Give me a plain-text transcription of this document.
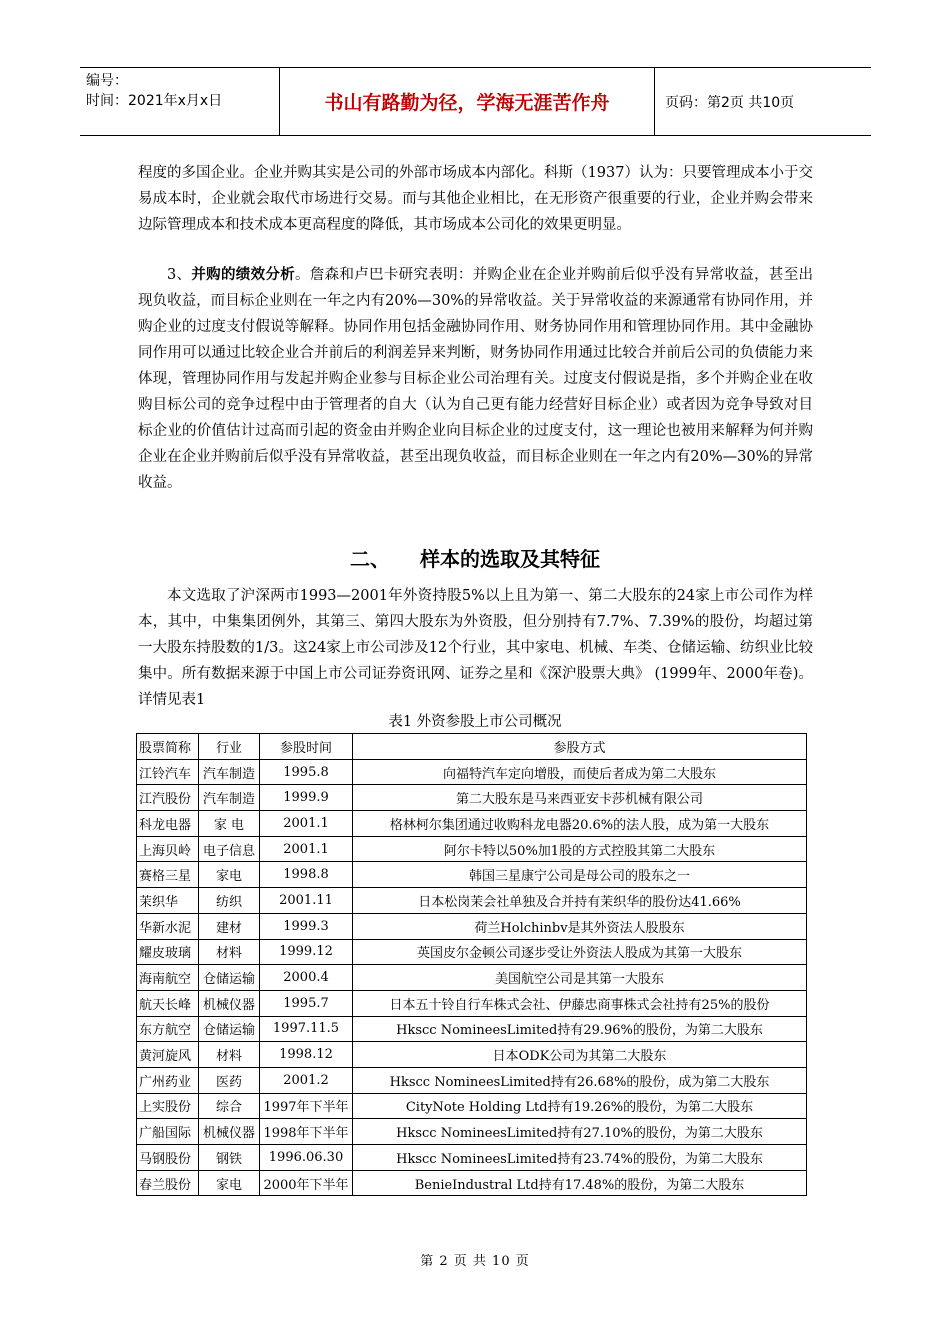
编号：
时间：2021年x月x日	书山有路勤为径，学海无涯苦作舟	页码：第2页 共10页

程度的多国企业。企业并购其实是公司的外部市场成本内部化。科斯（1937）认为：只要管理成本小于交易成本时，企业就会取代市场进行交易。而与其他企业相比，在无形资产很重要的行业，企业并购会带来边际管理成本和技术成本更高程度的降低，其市场成本公司化的效果更明显。

3、并购的绩效分析。詹森和卢巴卡研究表明：并购企业在企业并购前后似乎没有异常收益，甚至出现负收益，而目标企业则在一年之内有20%—30%的异常收益。关于异常收益的来源通常有协同作用，并购企业的过度支付假说等解释。协同作用包括金融协同作用、财务协同作用和管理协同作用。其中金融协同作用可以通过比较企业合并前后的利润差异来判断，财务协同作用通过比较合并前后公司的负债能力来体现，管理协同作用与发起并购企业参与目标企业公司治理有关。过度支付假说是指，多个并购企业在收购目标公司的竞争过程中由于管理者的自大（认为自己更有能力经营好目标企业）或者因为竞争导致对目标企业的价值估计过高而引起的资金由并购企业向目标企业的过度支付，这一理论也被用来解释为何并购企业在企业并购前后似乎没有异常收益，甚至出现负收益，而目标企业则在一年之内有20%—30%的异常收益。

二、 样本的选取及其特征

本文选取了沪深两市1993—2001年外资持股5%以上且为第一、第二大股东的24家上市公司作为样本，其中，中集集团例外，其第三、第四大股东为外资股，但分别持有7.7%、7.39%的股份，均超过第一大股东持股数的1/3。这24家上市公司涉及12个行业，其中家电、机械、车类、仓储运输、纺织业比较集中。所有数据来源于中国上市公司证券资讯网、证券之星和《深沪股票大典》 (1999年、2000年卷)。详情见表1

表1 外资参股上市公司概况
股票简称	行业	参股时间	参股方式
江铃汽车	汽车制造	1995.8	向福特汽车定向增股，而使后者成为第二大股东
江汽股份	汽车制造	1999.9	第二大股东是马来西亚安卡莎机械有限公司
科龙电器	家 电	2001.1	格林柯尔集团通过收购科龙电器20.6%的法人股，成为第一大股东
上海贝岭	电子信息	2001.1	阿尔卡特以50%加1股的方式控股其第二大股东
赛格三星	家电	1998.8	韩国三星康宁公司是母公司的股东之一
茉织华	纺织	2001.11	日本松岗茉会社单独及合并持有茉织华的股份达41.66%
华新水泥	建材	1999.3	荷兰Holchinbv是其外资法人股股东
耀皮玻璃	材料	1999.12	英国皮尔金顿公司逐步受让外资法人股成为其第一大股东
海南航空	仓储运输	2000.4	美国航空公司是其第一大股东
航天长峰	机械仪器	1995.7	日本五十铃自行车株式会社、伊藤忠商事株式会社持有25%的股份
东方航空	仓储运输	1997.11.5	Hkscc NomineesLimited持有29.96%的股份，为第二大股东
黄河旋风	材料	1998.12	日本ODK公司为其第二大股东
广州药业	医药	2001.2	Hkscc NomineesLimited持有26.68%的股份，成为第二大股东
上实股份	综合	1997年下半年	CityNote Holding Ltd持有19.26%的股份，为第二大股东
广船国际	机械仪器	1998年下半年	Hkscc NomineesLimited持有27.10%的股份，为第二大股东
马钢股份	钢铁	1996.06.30	Hkscc NomineesLimited持有23.74%的股份，为第二大股东
春兰股份	家电	2000年下半年	BenieIndustral Ltd持有17.48%的股份，为第二大股东
第 2 页 共 10 页
